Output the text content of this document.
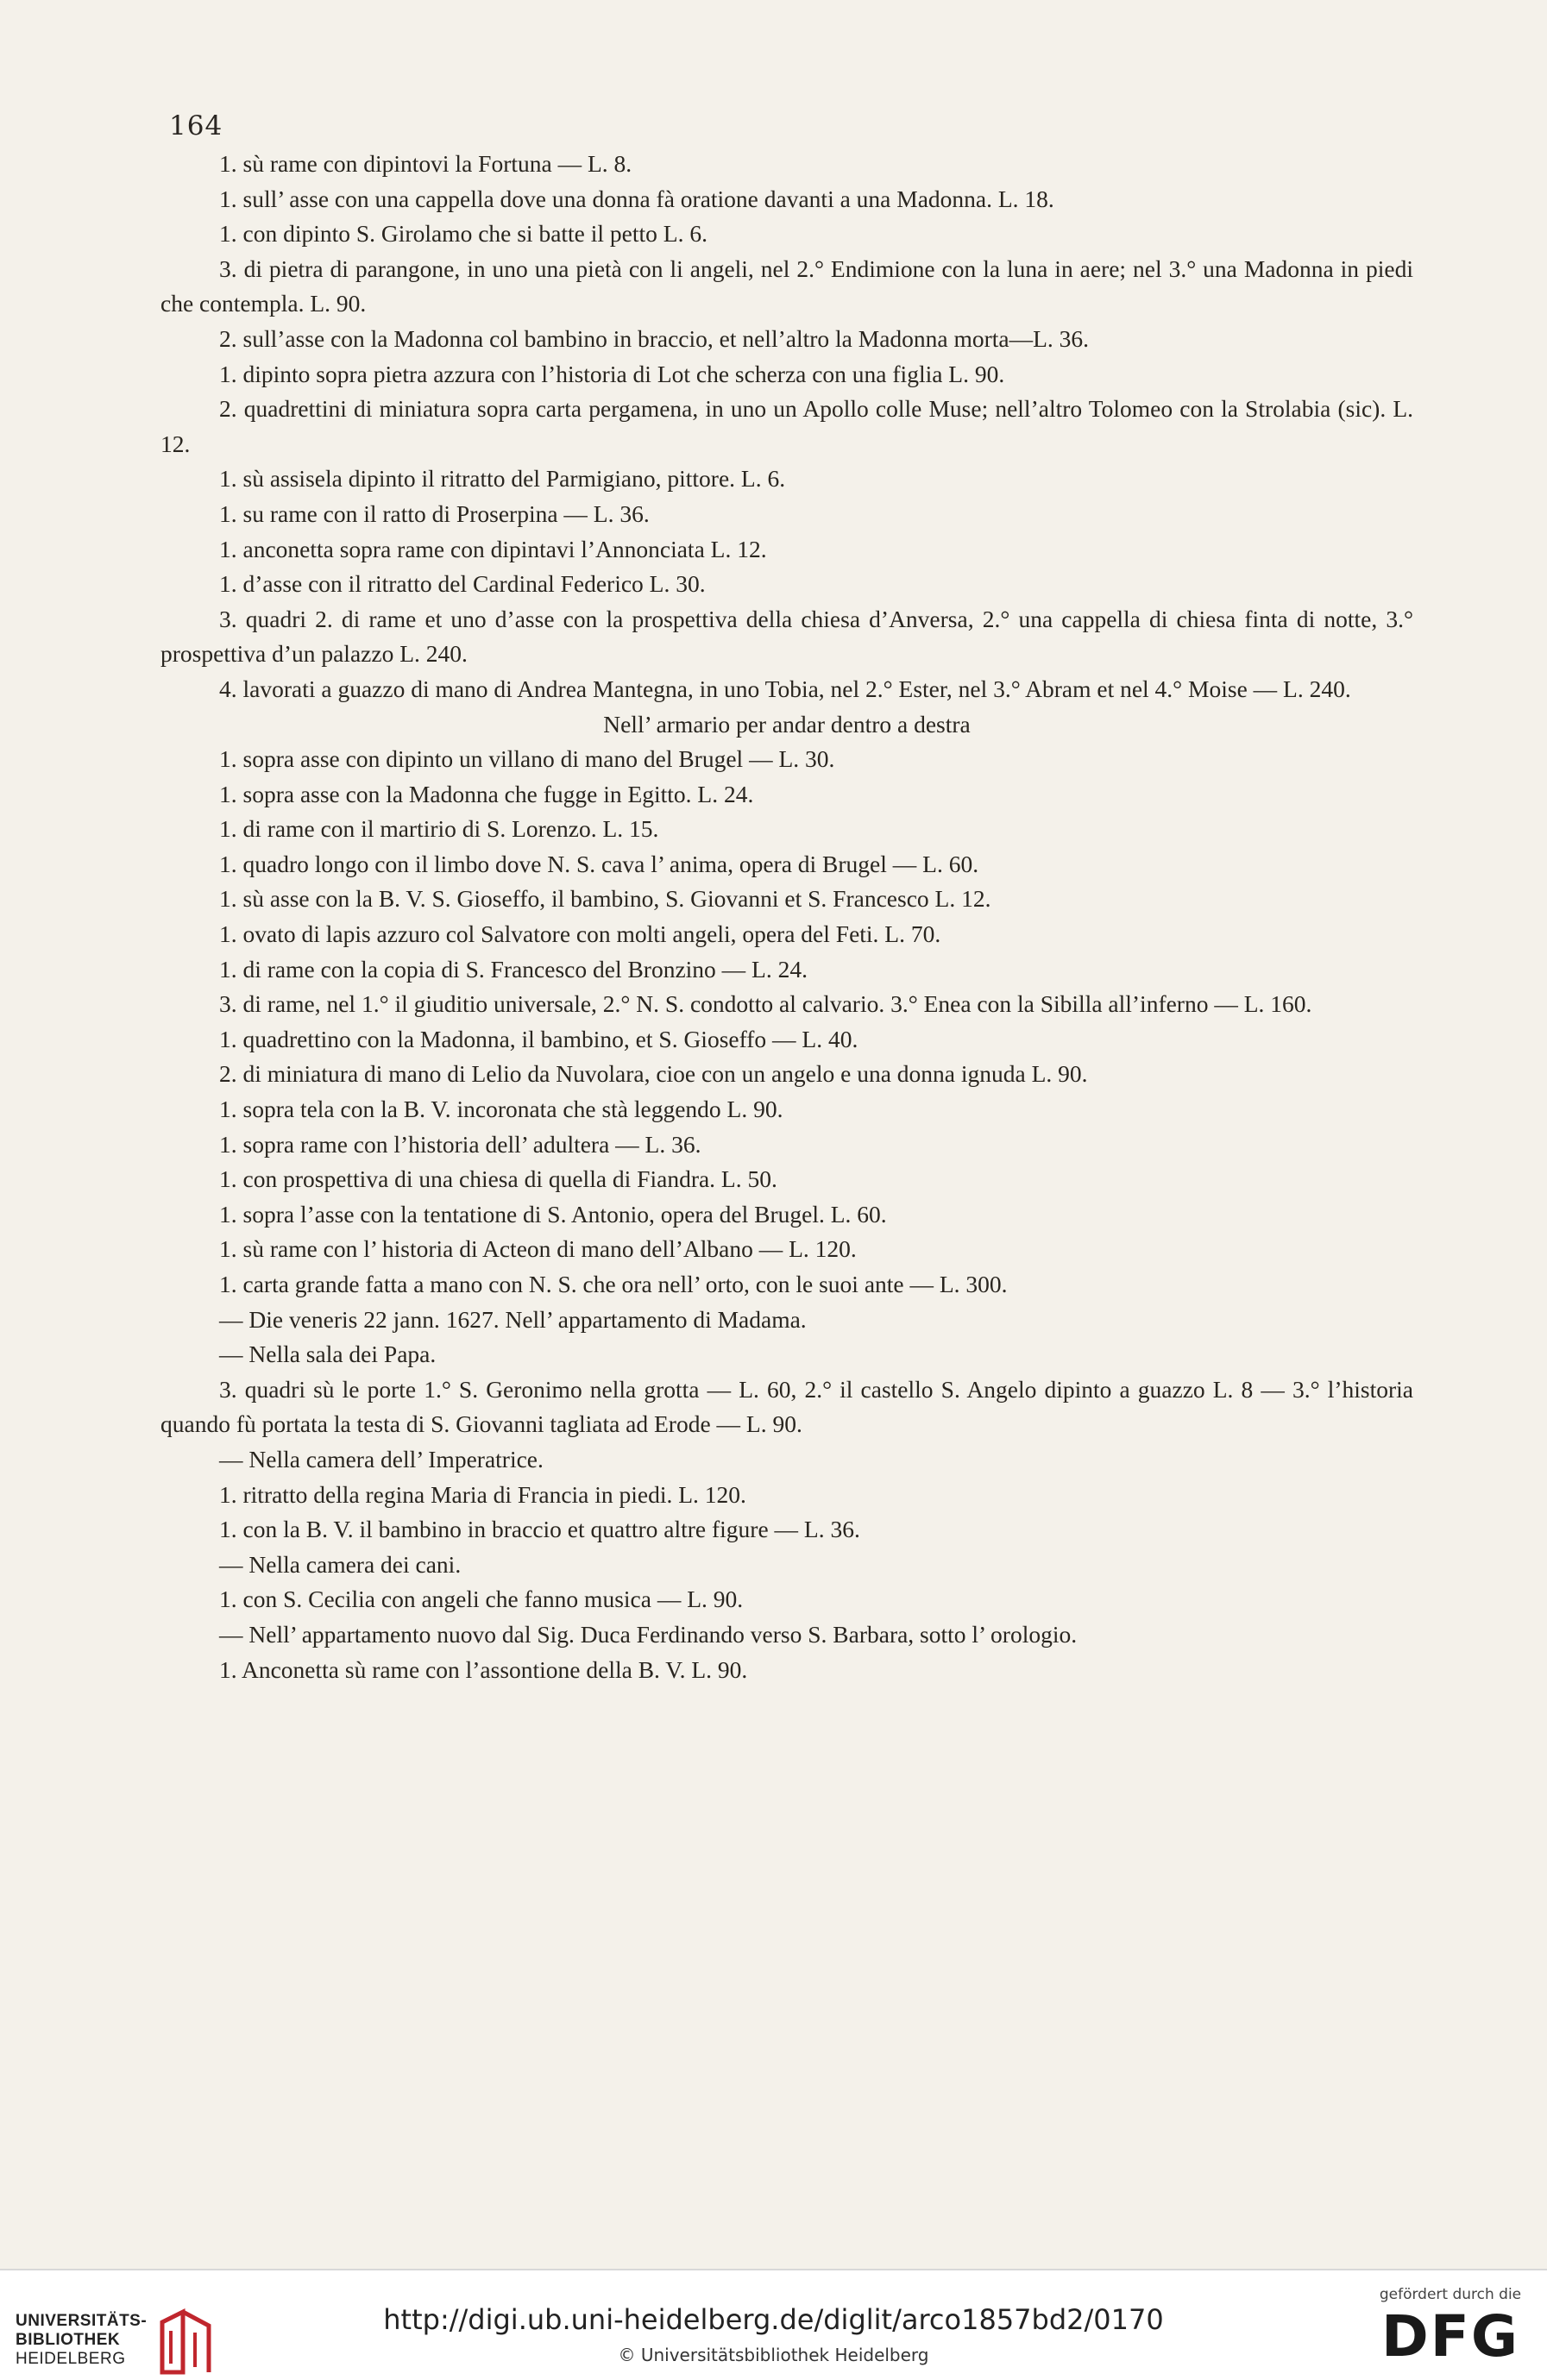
164

1. sù rame con dipintovi la Fortuna — L. 8.

1. sull’ asse con una cappella dove una donna fà oratione davanti a una Madonna. L. 18.

1. con dipinto S. Girolamo che si batte il petto L. 6.

3. di pietra di parangone, in uno una pietà con li angeli, nel 2.° Endimione con la luna in aere; nel 3.° una Madonna in piedi che contempla. L. 90.

2. sull’asse con la Madonna col bambino in braccio, et nell’altro la Madonna morta—L. 36.

1. dipinto sopra pietra azzura con l’historia di Lot che scherza con una figlia L. 90.

2. quadrettini di miniatura sopra carta pergamena, in uno un Apollo colle Muse; nell’altro Tolomeo con la Strolabia (sic). L. 12.

1. sù assisela dipinto il ritratto del Parmigiano, pittore. L. 6.

1. su rame con il ratto di Proserpina — L. 36.

1. anconetta sopra rame con dipintavi l’Annonciata L. 12.

1. d’asse con il ritratto del Cardinal Federico L. 30.

3. quadri 2. di rame et uno d’asse con la prospettiva della chiesa d’Anversa, 2.° una cappella di chiesa finta di notte, 3.° prospettiva d’un palazzo L. 240.

4. lavorati a guazzo di mano di Andrea Mantegna, in uno Tobia, nel 2.° Ester, nel 3.° Abram et nel 4.° Moise — L. 240.

Nell’ armario per andar dentro a destra

1. sopra asse con dipinto un villano di mano del Brugel — L. 30.

1. sopra asse con la Madonna che fugge in Egitto. L. 24.

1. di rame con il martirio di S. Lorenzo. L. 15.

1. quadro longo con il limbo dove N. S. cava l’ anima, opera di Brugel — L. 60.

1. sù asse con la B. V. S. Gioseffo, il bambino, S. Giovanni et S. Francesco L. 12.

1. ovato di lapis azzuro col Salvatore con molti angeli, opera del Feti. L. 70.

1. di rame con la copia di S. Francesco del Bronzino — L. 24.

3. di rame, nel 1.° il giuditio universale, 2.° N. S. condotto al calvario. 3.° Enea con la Sibilla all’inferno — L. 160.

1. quadrettino con la Madonna, il bambino, et S. Gioseffo — L. 40.

2. di miniatura di mano di Lelio da Nuvolara, cioe con un angelo e una donna ignuda L. 90.

1. sopra tela con la B. V. incoronata che stà leggendo L. 90.

1. sopra rame con l’historia dell’ adultera — L. 36.

1. con prospettiva di una chiesa di quella di Fiandra. L. 50.

1. sopra l’asse con la tentatione di S. Antonio, opera del Brugel. L. 60.

1. sù rame con l’ historia di Acteon di mano dell’Albano — L. 120.

1. carta grande fatta a mano con N. S. che ora nell’ orto, con le suoi ante — L. 300.

— Die veneris 22 jann. 1627. Nell’ appartamento di Madama.

— Nella sala dei Papa.

3. quadri sù le porte 1.° S. Geronimo nella grotta — L. 60, 2.° il castello S. Angelo dipinto a guazzo L. 8 — 3.° l’historia quando fù portata la testa di S. Giovanni tagliata ad Erode — L. 90.

— Nella camera dell’ Imperatrice.

1. ritratto della regina Maria di Francia in piedi. L. 120.

1. con la B. V. il bambino in braccio et quattro altre figure — L. 36.

— Nella camera dei cani.

1. con S. Cecilia con angeli che fanno musica — L. 90.

— Nell’ appartamento nuovo dal Sig. Duca Ferdinando verso S. Barbara, sotto l’ orologio.

1. Anconetta sù rame con l’assontione della B. V. L. 90.

UNIVERSITÄTS-
BIBLIOTHEK
HEIDELBERG
http://digi.ub.uni-heidelberg.de/diglit/arco1857bd2/0170
© Universitätsbibliothek Heidelberg
gefördert durch die
DFG
